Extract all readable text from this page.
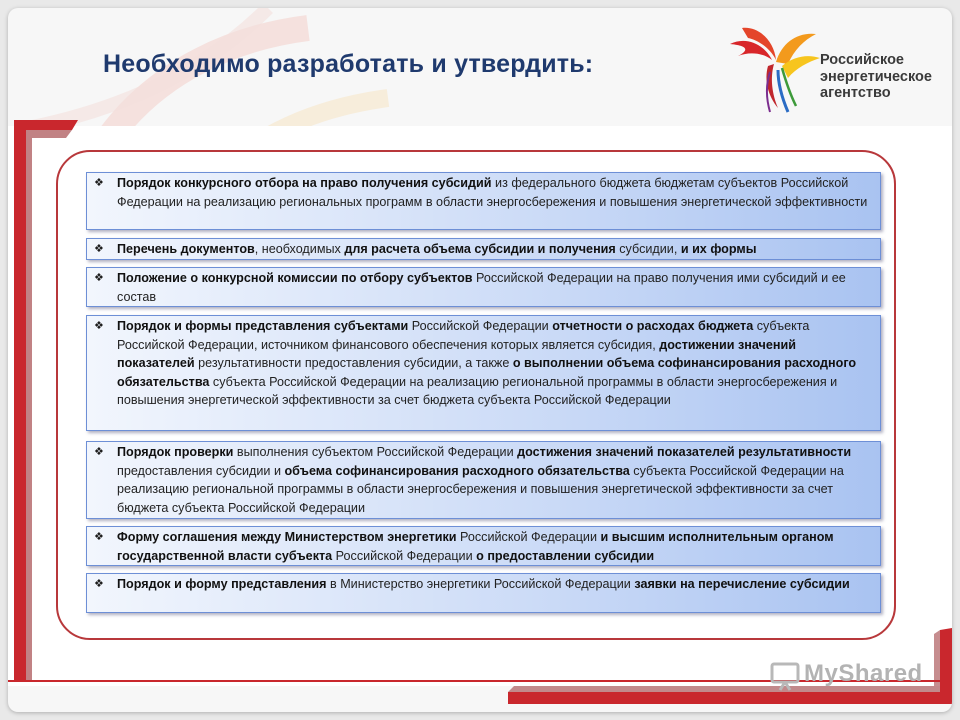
Необходимо разработать и утвердить:	Российское
энергетическое
агентство
❖ Порядок конкурсного отбора на право получения субсидий из федерального бюджета бюджетам субъектов Российской Федерации на реализацию региональных программ в области энергосбережения и повышения энергетической эффективности
❖ Перечень документов, необходимых для расчета объема субсидии и получения субсидии, и их формы
❖ Положение о конкурсной комиссии по отбору субъектов Российской Федерации на право получения ими субсидий и ее состав
❖ Порядок и формы представления субъектами Российской Федерации отчетности о расходах бюджета субъекта Российской Федерации, источником финансового обеспечения которых является субсидия, достижении значений показателей результативности предоставления субсидии, а также о выполнении объема софинансирования расходного обязательства субъекта Российской Федерации на реализацию региональной программы в области энергосбережения и повышения энергетической эффективности за счет бюджета субъекта Российской Федерации
❖ Порядок проверки выполнения субъектом Российской Федерации достижения значений показателей результативности предоставления субсидии и объема софинансирования расходного обязательства субъекта Российской Федерации на реализацию региональной программы в области энергосбережения и повышения энергетической эффективности за счет бюджета субъекта Российской Федерации
❖ Форму соглашения между Министерством энергетики Российской Федерации и высшим исполнительным органом государственной власти субъекта Российской Федерации о предоставлении субсидии
❖ Порядок и форму представления в Министерство энергетики Российской Федерации заявки на перечисление субсидии
MyShared
